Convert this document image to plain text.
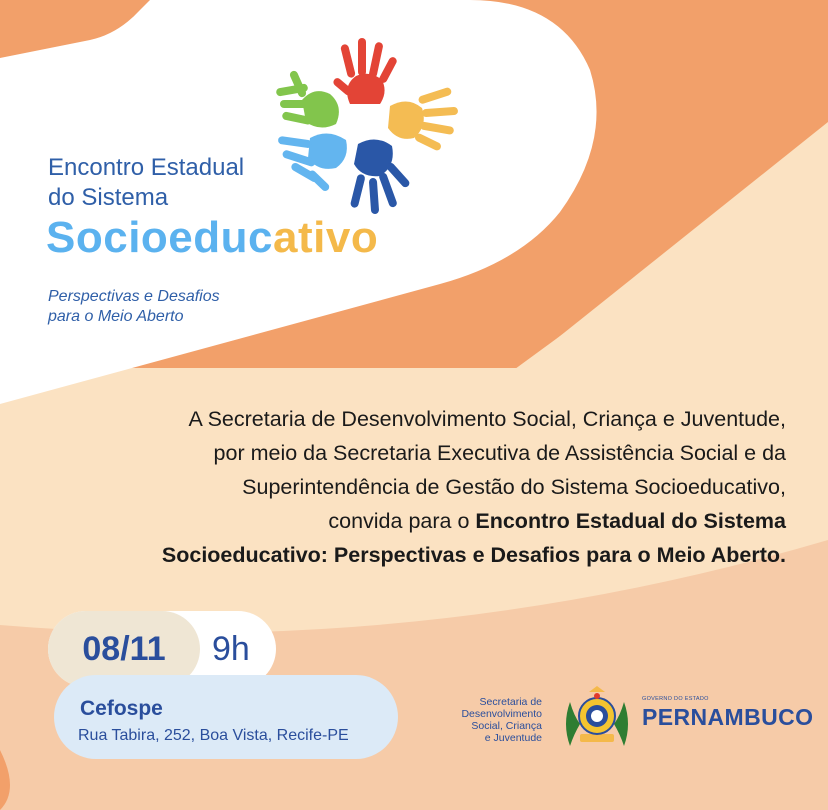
Encontro Estadual
do Sistema
Socioeducativo
Perspectivas e Desafios
para o Meio Aberto
A Secretaria de Desenvolvimento Social, Criança e Juventude,
por meio da Secretaria Executiva de Assistência Social e da
Superintendência de Gestão do Sistema Socioeducativo,
convida para o Encontro Estadual do Sistema
Socioeducativo: Perspectivas e Desafios para o Meio Aberto.
08/11	9h
Cefospe
Rua Tabira, 252, Boa Vista, Recife-PE
Secretaria de
Desenvolvimento
Social, Criança
e Juventude
GOVERNO DO ESTADO
PERNAMBUCO
